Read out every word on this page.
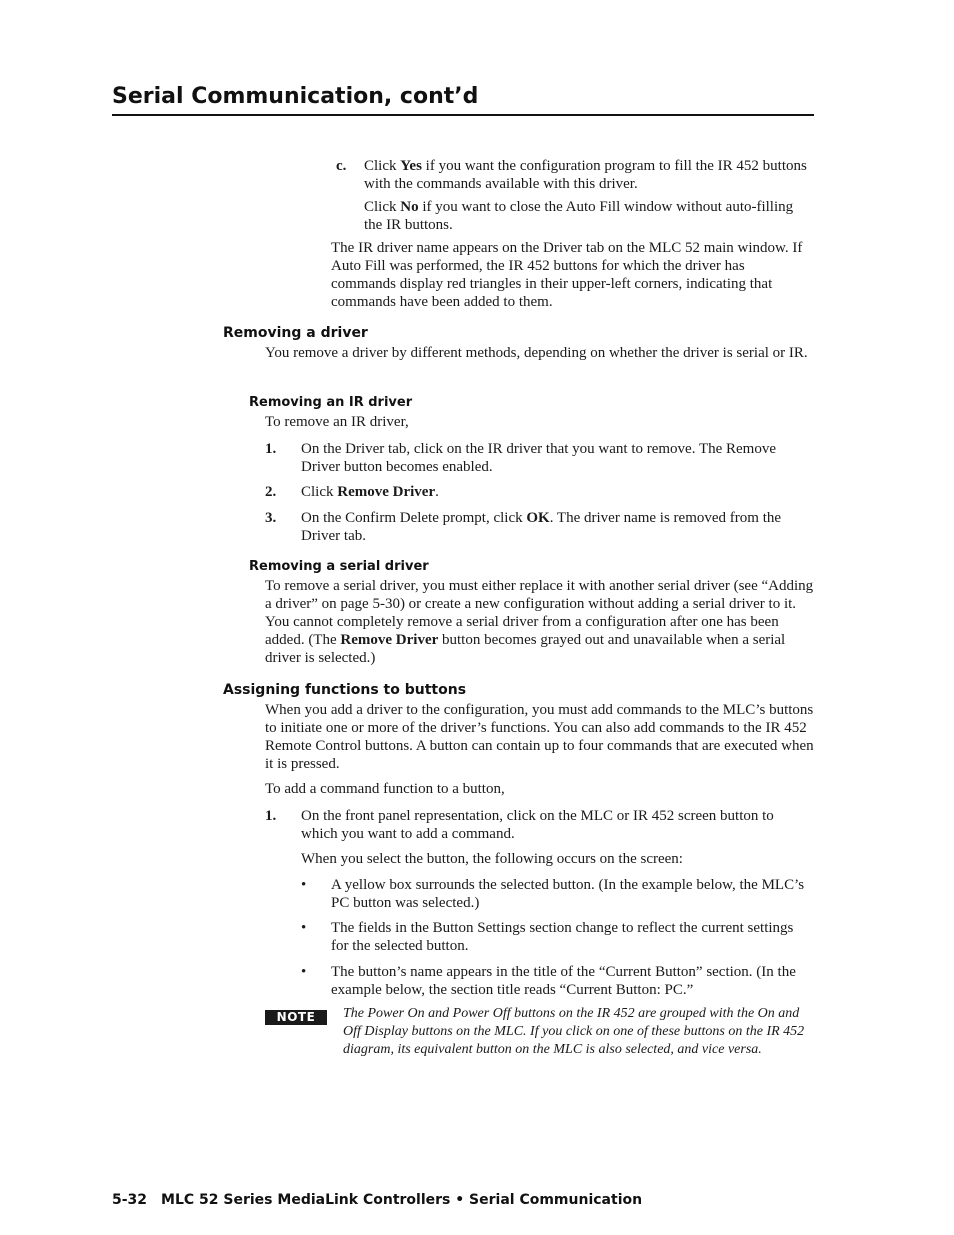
Serial Communication, cont’d
c. Click Yes if you want the configuration program to fill the IR 452 buttons with the commands available with this driver.

Click No if you want to close the Auto Fill window without auto-filling the IR buttons.

The IR driver name appears on the Driver tab on the MLC 52 main window. If Auto Fill was performed, the IR 452 buttons for which the driver has commands display red triangles in their upper-left corners, indicating that commands have been added to them.

Removing a driver

You remove a driver by different methods, depending on whether the driver is serial or IR.

Removing an IR driver

To remove an IR driver,

1. On the Driver tab, click on the IR driver that you want to remove. The Remove Driver button becomes enabled.

2. Click Remove Driver.

3. On the Confirm Delete prompt, click OK. The driver name is removed from the Driver tab.

Removing a serial driver

To remove a serial driver, you must either replace it with another serial driver (see “Adding a driver” on page 5-30) or create a new configuration without adding a serial driver to it. You cannot completely remove a serial driver from a configuration after one has been added. (The Remove Driver button becomes grayed out and unavailable when a serial driver is selected.)

Assigning functions to buttons

When you add a driver to the configuration, you must add commands to the MLC’s buttons to initiate one or more of the driver’s functions. You can also add commands to the IR 452 Remote Control buttons. A button can contain up to four commands that are executed when it is pressed.

To add a command function to a button,

1. On the front panel representation, click on the MLC or IR 452 screen button to which you want to add a command.

When you select the button, the following occurs on the screen:

• A yellow box surrounds the selected button. (In the example below, the MLC’s PC button was selected.)

• The fields in the Button Settings section change to reflect the current settings for the selected button.

• The button’s name appears in the title of the “Current Button” section. (In the example below, the section title reads “Current Button: PC.”

NOTE	The Power On and Power Off buttons on the IR 452 are grouped with the On and Off Display buttons on the MLC. If you click on one of these buttons on the IR 452 diagram, its equivalent button on the MLC is also selected, and vice versa.

5-32 MLC 52 Series MediaLink Controllers • Serial Communication
